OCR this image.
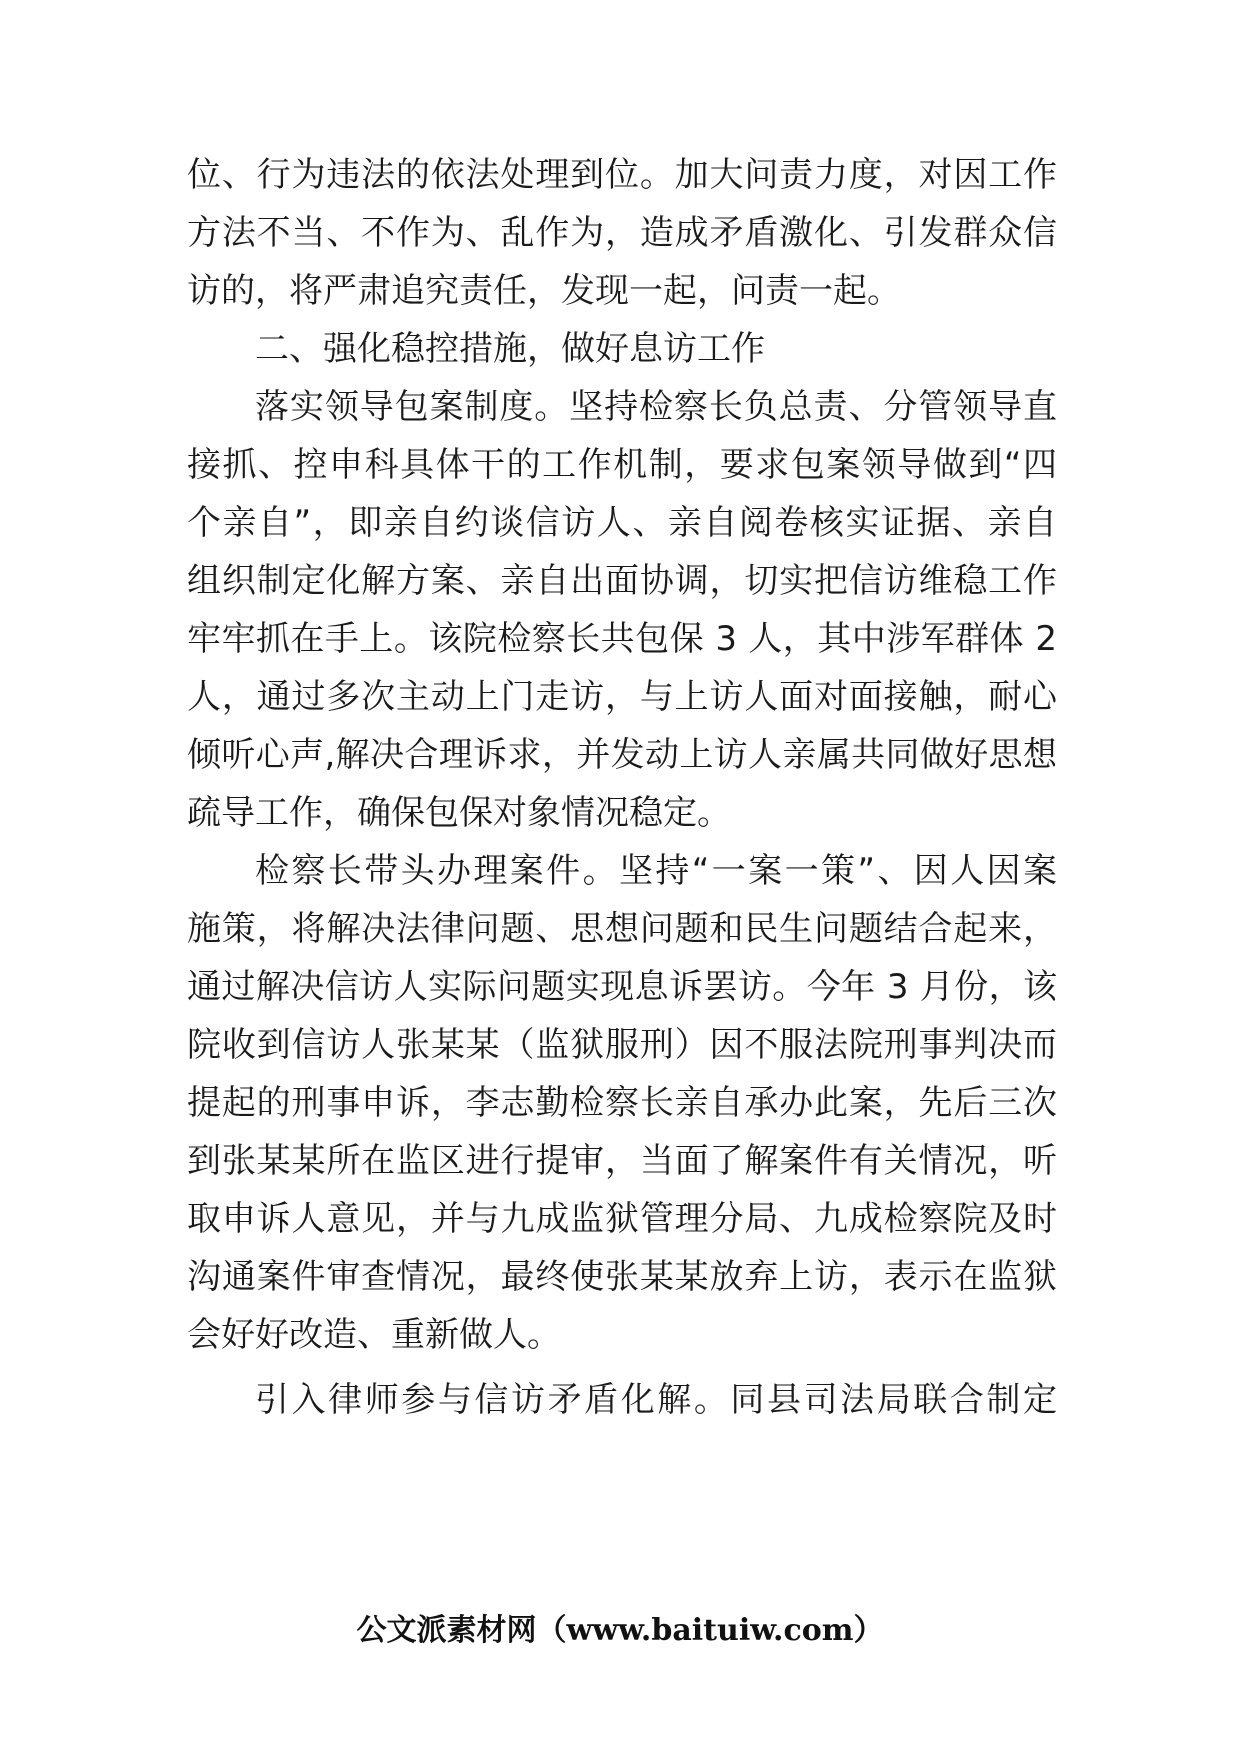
位、行为违法的依法处理到位。加大问责力度，对因工作
方法不当、不作为、乱作为，造成矛盾激化、引发群众信
访的，将严肃追究责任，发现一起，问责一起。
二、强化稳控措施，做好息访工作
落实领导包案制度。坚持检察长负总责、分管领导直
接抓、控申科具体干的工作机制，要求包案领导做到“四
个亲自”，即亲自约谈信访人、亲自阅卷核实证据、亲自
组织制定化解方案、亲自出面协调，切实把信访维稳工作
牢牢抓在手上。该院检察长共包保 3 人，其中涉军群体 2
人，通过多次主动上门走访，与上访人面对面接触，耐心
倾听心声,解决合理诉求，并发动上访人亲属共同做好思想
疏导工作，确保包保对象情况稳定。
检察长带头办理案件。坚持“一案一策”、因人因案
施策，将解决法律问题、思想问题和民生问题结合起来，
通过解决信访人实际问题实现息诉罢访。今年 3 月份，该
院收到信访人张某某（监狱服刑）因不服法院刑事判决而
提起的刑事申诉，李志勤检察长亲自承办此案，先后三次
到张某某所在监区进行提审，当面了解案件有关情况，听
取申诉人意见，并与九成监狱管理分局、九成检察院及时
沟通案件审查情况，最终使张某某放弃上访，表示在监狱
会好好改造、重新做人。
引入律师参与信访矛盾化解。同县司法局联合制定
公文派素材网（www.baituiw.com）
